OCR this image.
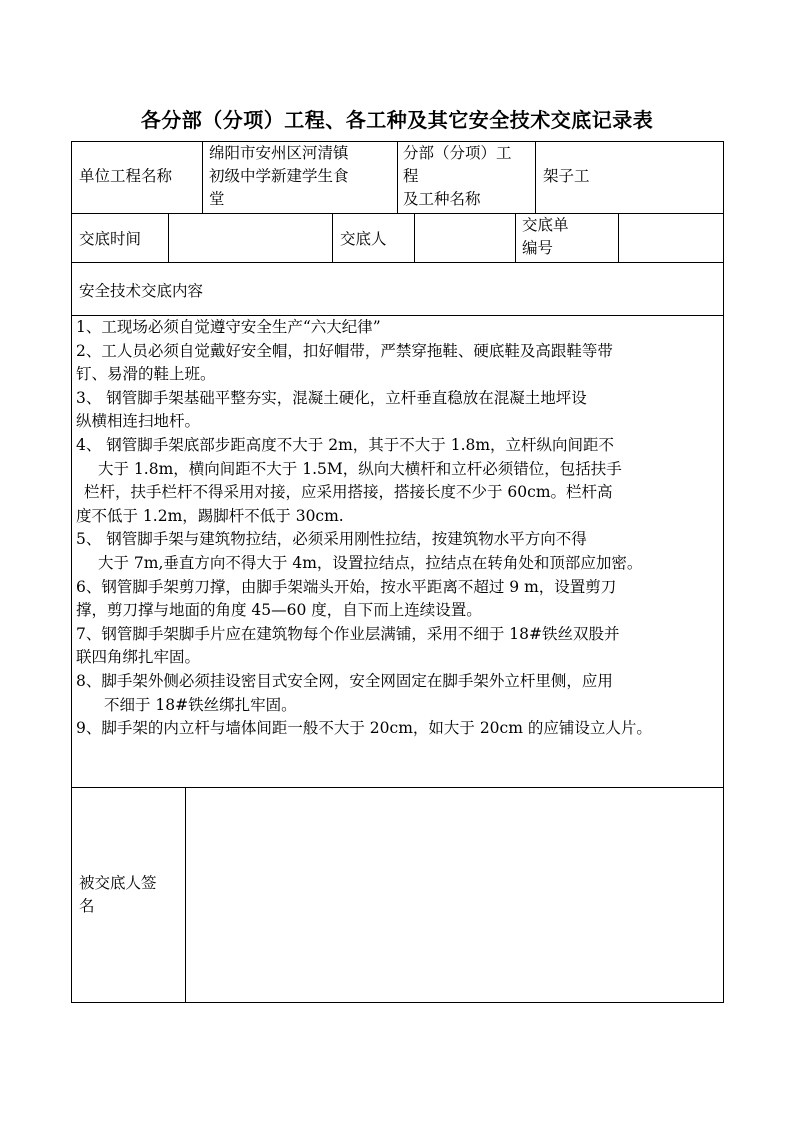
各分部（分项）工程、各工种及其它安全技术交底记录表
单位工程名称
绵阳市安州区河清镇
初级中学新建学生食
堂
分部（分项）工
程
及工种名称
架子工
交底时间	交底人
交底单
编号
安全技术交底内容

1、工现场必须自觉遵守安全生产“六大纪律”

2、工人员必须自觉戴好安全帽，扣好帽带，严禁穿拖鞋、硬底鞋及高跟鞋等带

钉、易滑的鞋上班。

3、 钢管脚手架基础平整夯实，混凝土硬化，立杆垂直稳放在混凝土地坪设

纵横相连扫地杆。

4、 钢管脚手架底部步距高度不大于 2m，其于不大于 1.8m，立杆纵向间距不

大于 1.8m，横向间距不大于 1.5M，纵向大横杆和立杆必须错位，包括扶手

栏杆，扶手栏杆不得采用对接，应采用搭接，搭接长度不少于 60cm。栏杆高

度不低于 1.2m，踢脚杆不低于 30cm.

5、 钢管脚手架与建筑物拉结，必须采用刚性拉结，按建筑物水平方向不得

大于 7m,垂直方向不得大于 4m，设置拉结点，拉结点在转角处和顶部应加密。

6、钢管脚手架剪刀撑，由脚手架端头开始，按水平距离不超过 9 m，设置剪刀

撑，剪刀撑与地面的角度 45—60 度，自下而上连续设置。

7、钢管脚手架脚手片应在建筑物每个作业层满铺，采用不细于 18#铁丝双股并

联四角绑扎牢固。

8、脚手架外侧必须挂设密目式安全网，安全网固定在脚手架外立杆里侧，应用

不细于 18#铁丝绑扎牢固。

9、脚手架的内立杆与墙体间距一般不大于 20cm，如大于 20cm 的应铺设立人片。

被交底人签
名
